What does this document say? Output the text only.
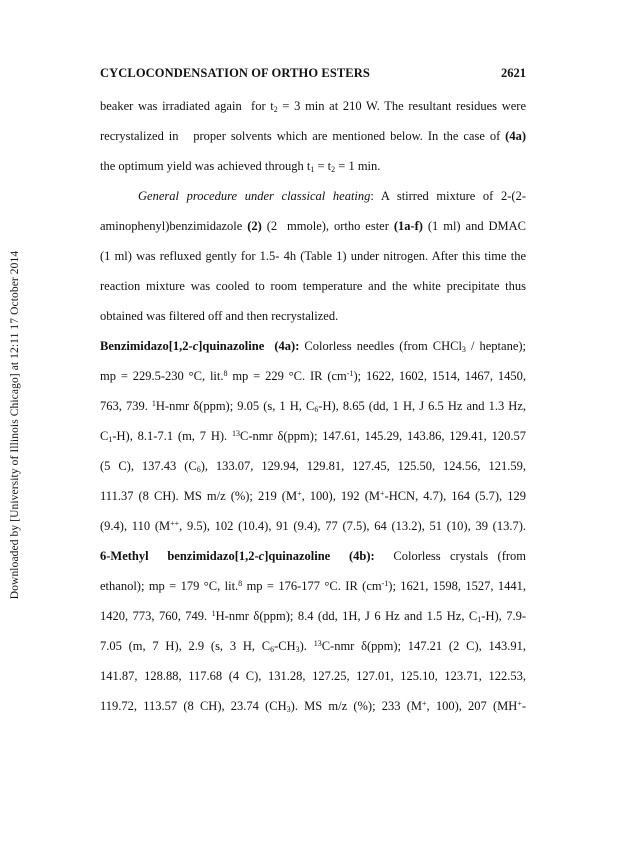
Downloaded by [University of Illinois Chicago] at 12:11 17 October 2014
CYCLOCONDENSATION OF ORTHO ESTERS	2621
beaker was irradiated again  for $t_2 = 3$ min at 210 W. The resultant residues were
recrystalized in   proper solvents which are mentioned below. In the case of (4a)
the optimum yield was achieved through $t_1 = t_2 = 1$ min.
General procedure under classical heating: A stirred mixture of 2-(2-
aminophenyl)benzimidazole (2) (2  mmole), ortho ester (1a-f) (1 ml) and DMAC
(1 ml) was refluxed gently for 1.5- 4h (Table 1) under nitrogen. After this time the
reaction mixture was cooled to room temperature and the white precipitate thus
obtained was filtered off and then recrystalized.
Benzimidazo[1,2-c]quinazoline (4a): Colorless needles (from CHCl$_3$ / heptane);
mp = 229.5-230 °C, lit.$^8$ mp = 229 °C. IR $(cm^{-1})$; 1622, 1602, 1514, 1467, 1450,
763, 739. $^1$H-nmr δ(ppm); 9.05 (s, 1 H, $C_6-H$), 8.65 (dd, 1 H, J 6.5 Hz and 1.3 Hz,
$C_1-H$), 8.1-7.1 (m, 7 H). $^{13}$C-nmr δ(ppm); 147.61, 145.29, 143.86, 129.41, 120.57
(5 C), 137.43 $(C_6)$, 133.07, 129.94, 129.81, 127.45, 125.50, 124.56, 121.59,
111.37 (8 CH). MS m/z (%); 219 (M+, 100), 192 (M+-HCN, 4.7), 164 (5.7), 129
(9.4), 110 (M++, 9.5), 102 (10.4), 91 (9.4), 77 (7.5), 64 (13.2), 51 (10), 39 (13.7).
6-Methyl benzimidazo[1,2-c]quinazoline (4b):  Colorless crystals (from
ethanol); mp = 179 °C, lit.$^8$ mp = 176-177 °C. IR $(cm^{-1})$; 1621, 1598, 1527, 1441,
1420, 773, 760, 749. $^1$H-nmr δ(ppm); 8.4 (dd, 1H, J 6 Hz and 1.5 Hz, $C_1-H$), 7.9-
7.05 (m, 7 H), 2.9 (s, 3 H, $C_6-CH_3$). $^{13}$C-nmr δ(ppm); 147.21 (2 C), 143.91,
141.87, 128.88, 117.68 (4 C), 131.28, 127.25, 127.01, 125.10, 123.71, 122.53,
119.72, 113.57 (8 CH), 23.74 $(CH_3)$. MS m/z (%); 233 (M+, 100), 207 (MH+-
